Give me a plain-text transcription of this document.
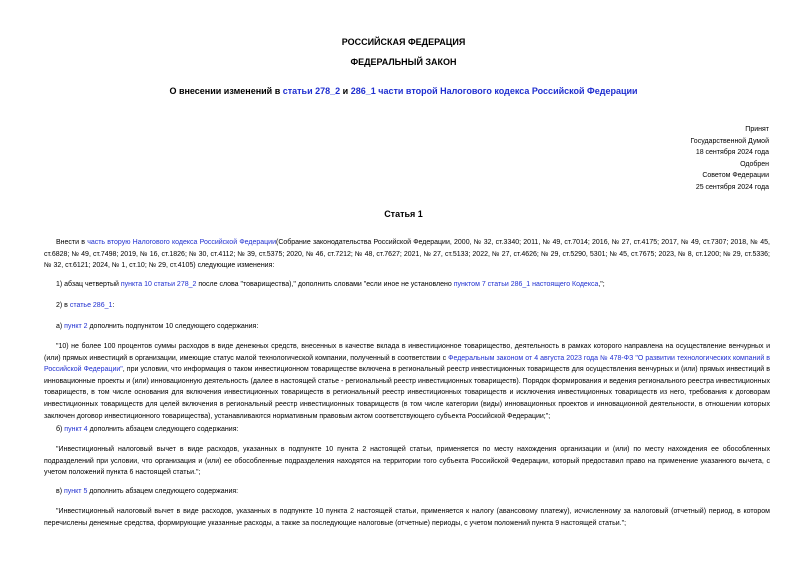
РОССИЙСКАЯ ФЕДЕРАЦИЯ
ФЕДЕРАЛЬНЫЙ ЗАКОН
О внесении изменений в статьи 278_2 и 286_1 части второй Налогового кодекса Российской Федерации
Принят
Государственной Думой
18 сентября 2024 года
Одобрен
Советом Федерации
25 сентября 2024 года
Статья 1
Внести в часть вторую Налогового кодекса Российской Федерации(Собрание законодательства Российской Федерации, 2000, № 32, ст.3340; 2011, № 49, ст.7014; 2016, № 27, ст.4175; 2017, № 49, ст.7307; 2018, № 45, ст.6828; № 49, ст.7498; 2019, № 16, ст.1826; № 30, ст.4112; № 39, ст.5375; 2020, № 46, ст.7212; № 48, ст.7627; 2021, № 27, ст.5133; 2022, № 27, ст.4626; № 29, ст.5290, 5301; № 45, ст.7675; 2023, № 8, ст.1200; № 29, ст.5336; № 32, ст.6121; 2024, № 1, ст.10; № 29, ст.4105) следующие изменения:
1) абзац четвертый пункта 10 статьи 278_2 после слова "товарищества)," дополнить словами "если иное не установлено пунктом 7 статьи 286_1 настоящего Кодекса,";
2) в статье 286_1:
а) пункт 2 дополнить подпунктом 10 следующего содержания:
"10) не более 100 процентов суммы расходов в виде денежных средств, внесенных в качестве вклада в инвестиционное товарищество, деятельность в рамках которого направлена на осуществление венчурных и (или) прямых инвестиций в организации, имеющие статус малой технологической компании, полученный в соответствии с Федеральным законом от 4 августа 2023 года № 478-ФЗ "О развитии технологических компаний в Российской Федерации", при условии, что информация о таком инвестиционном товариществе включена в региональный реестр инвестиционных товариществ для осуществления венчурных и (или) прямых инвестиций в инновационные проекты и (или) инновационную деятельность (далее в настоящей статье - региональный реестр инвестиционных товариществ). Порядок формирования и ведения регионального реестра инвестиционных товариществ, в том числе основания для включения инвестиционных товариществ в региональный реестр инвестиционных товариществ и исключения инвестиционных товариществ из него, требования к договорам инвестиционных товариществ для целей включения в региональный реестр инвестиционных товариществ (в том числе категории (виды) инновационных проектов и инновационной деятельности, в отношении которых заключен договор инвестиционного товарищества), устанавливаются нормативным правовым актом соответствующего субъекта Российской Федерации;";
б) пункт 4 дополнить абзацем следующего содержания:
"Инвестиционный налоговый вычет в виде расходов, указанных в подпункте 10 пункта 2 настоящей статьи, применяется по месту нахождения организации и (или) по месту нахождения ее обособленных подразделений при условии, что организация и (или) ее обособленные подразделения находятся на территории того субъекта Российской Федерации, который предоставил право на применение указанного вычета, с учетом положений пункта 6 настоящей статьи.";
в) пункт 5 дополнить абзацем следующего содержания:
"Инвестиционный налоговый вычет в виде расходов, указанных в подпункте 10 пункта 2 настоящей статьи, применяется к налогу (авансовому платежу), исчисленному за налоговый (отчетный) период, в котором перечислены денежные средства, формирующие указанные расходы, а также за последующие налоговые (отчетные) периоды, с учетом положений пункта 9 настоящей статьи.";
